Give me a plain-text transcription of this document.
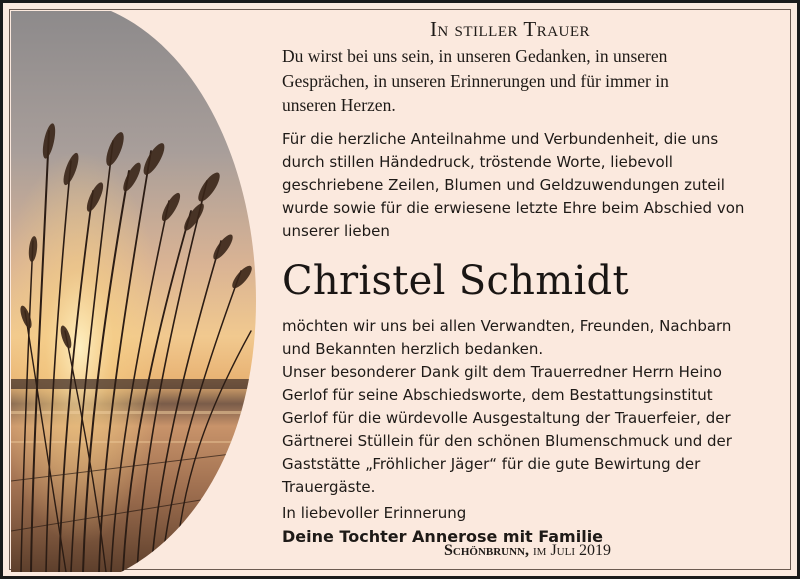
In stiller Trauer
Du wirst bei uns sein, in unseren Gedanken, in unseren
Gesprächen, in unseren Erinnerungen und für immer in
unseren Herzen.
Für die herzliche Anteilnahme und Verbundenheit, die uns
durch stillen Händedruck, tröstende Worte, liebevoll
geschriebene Zeilen, Blumen und Geldzuwendungen zuteil
wurde sowie für die erwiesene letzte Ehre beim Abschied von
unserer lieben
Christel Schmidt
möchten wir uns bei allen Verwandten, Freunden, Nachbarn
und Bekannten herzlich bedanken.
Unser besonderer Dank gilt dem Trauerredner Herrn Heino
Gerlof für seine Abschiedsworte, dem Bestattungsinstitut
Gerlof für die würdevolle Ausgestaltung der Trauerfeier, der
Gärtnerei Stüllein für den schönen Blumenschmuck und der
Gaststätte „Fröhlicher Jäger“ für die gute Bewirtung der
Trauergäste.
In liebevoller Erinnerung
Deine Tochter Annerose mit Familie
Schönbrunn, im Juli 2019
